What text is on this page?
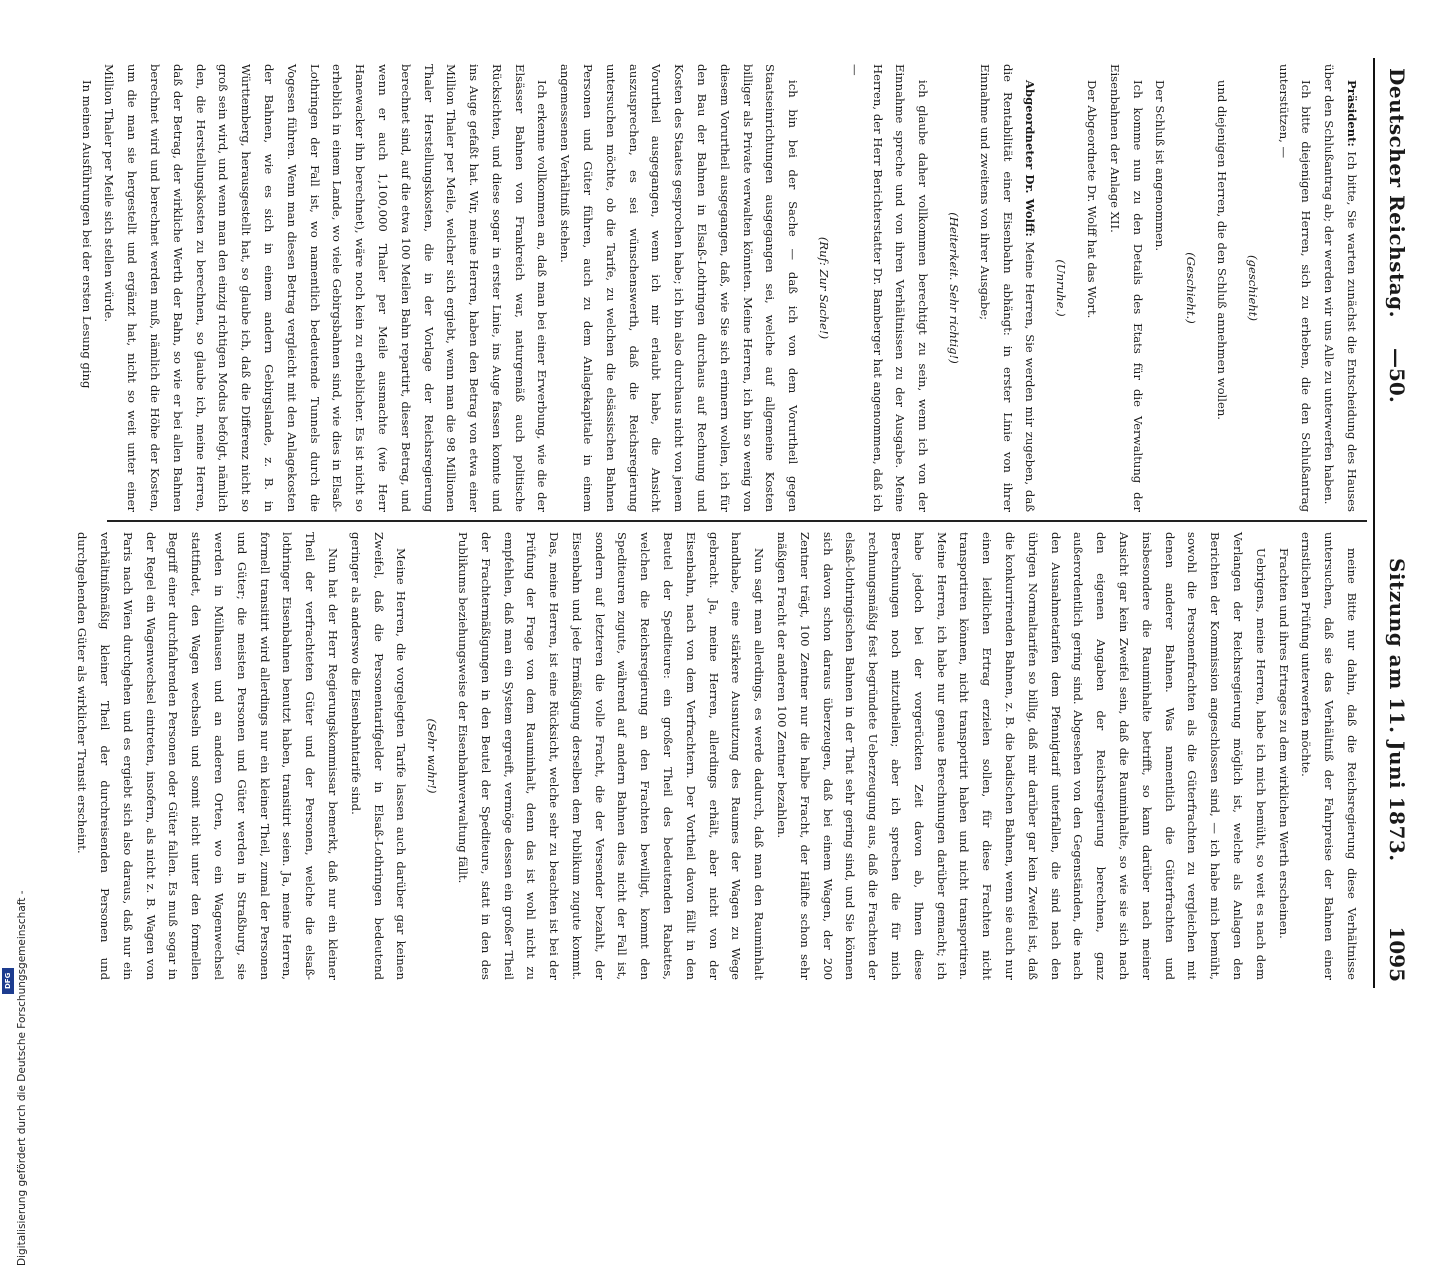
Digitalisierung gefördert durch die Deutsche Forschungsgemeinschaft -
DFG
Deutscher Reichstag.
—
50.
Sitzung am 11. Juni 1873.
1095

Präsident: Ich bitte, Sie warten zunächst die Entscheidung des Hauses über den Schlußantrag ab; der werden wir uns Alle zu unterwerfen haben.

Ich bitte diejenigen Herren, sich zu erheben, die den Schlußantrag unterstützen, —

(geschieht)

und diejenigen Herren, die den Schluß annehmen wollen.

(Geschieht.)

Der Schluß ist angenommen.

Ich komme nun zu den Details des Etats für die Verwaltung der Eisenbahnen der Anlage XII.

Der Abgeordnete Dr. Wolff hat das Wort.

(Unruhe.)

Abgeordneter Dr. Wolff: Meine Herren, Sie werden mir zugeben, daß die Rentabilität einer Eisenbahn abhängt: in erster Linie von ihrer Einnahme und zweitens von ihrer Ausgabe;

(Heiterkeit. Sehr richtig!)

ich glaube daher vollkommen berechtigt zu sein, wenn ich von der Einnahme spreche und von ihren Verhältnissen zu der Ausgabe. Meine Herren, der Herr Berichterstatter Dr. Bamberger hat angenommen, daß ich —

(Ruf: Zur Sache!)

ich bin bei der Sache — daß ich von dem Vorurtheil gegen Staatseinrichtungen ausgegangen sei, welche auf allgemeine Kosten billiger als Private verwalten könnten. Meine Herren, ich bin so wenig von diesem Vorurtheil ausgegangen, daß, wie Sie sich erinnern wollen, ich für den Bau der Bahnen in Elsaß-Lothringen durchaus auf Rechnung und Kosten des Staates gesprochen habe; ich bin also durchaus nicht von jenem Vorurtheil ausgegangen, wenn ich mir erlaubt habe, die Ansicht auszusprechen, es sei wünschenswerth, daß die Reichsregierung untersuchen möchte, ob die Tarife, zu welchen die elsässischen Bahnen Personen und Güter führen, auch zu dem Anlagekapitale in einem angemessenen Verhältniß stehen.

Ich erkenne vollkommen an, daß man bei einer Erwerbung, wie die der Elsässer Bahnen von Frankreich war, naturgemäß auch politische Rücksichten, und diese sogar in erster Linie, ins Auge fassen konnte und ins Auge gefaßt hat. Wir, meine Herren, haben den Betrag von etwa einer Million Thaler per Meile, welcher sich ergiebt, wenn man die 98 Millionen Thaler Herstellungskosten, die in der Vorlage der Reichsregierung berechnet sind, auf die etwa 100 Meilen Bahn repartirt, dieser Betrag, und wenn er auch 1,100,000 Thaler per Meile ausmachte (wie Herr Hanewacker ihn berechnet), wäre noch kein zu erheblicher. Es ist nicht so erheblich in einem Lande, wo viele Gebirgsbahnen sind, wie dies in Elsaß-Lothringen der Fall ist, wo namentlich bedeutende Tunnels durch die Vogesen führen. Wenn man diesen Betrag vergleicht mit den Anlagekosten der Bahnen, wie es sich in einem andern Gebirgslande, z. B. in Württemberg, herausgestellt hat, so glaube ich, daß die Differenz nicht so groß sein wird, und wenn man den einzig richtigen Modus befolgt, nämlich den, die Herstellungskosten zu berechnen, so glaube ich, meine Herren, daß der Betrag, der wirkliche Werth der Bahn, so wie er bei allen Bahnen berechnet wird und berechnet werden muß, nämlich die Höhe der Kosten, um die man sie hergestellt und ergänzt hat, nicht so weit unter einer Million Thaler per Meile sich stellen würde.

In meinen Ausführungen bei der ersten Lesung ging

meine Bitte nur dahin, daß die Reichsregierung diese Verhältnisse untersuchen, daß sie das Verhältniß der Fahrpreise der Bahnen einer ernstlichen Prüfung unterwerfen möchte.

Frachten und ihres Ertrages zu dem wirklichen Werth erscheinen.

Uebrigens, meine Herren, habe ich mich bemüht, so weit es nach dem Verlangen der Reichsregierung möglich ist, welche als Anlagen den Berichten der Kommission angeschlossen sind, — ich habe mich bemüht, sowohl die Personenfrachten als die Güterfrachten zu vergleichen mit denen anderer Bahnen. Was namentlich die Güterfrachten und insbesondere die Rauminhalte betrifft, so kann darüber nach meiner Ansicht gar kein Zweifel sein, daß die Rauminhalte, so wie sie sich nach den eigenen Angaben der Reichsregierung berechnen, ganz außerordentlich gering sind. Abgesehen von den Gegenständen, die nach den Ausnahmetarifen dem Pfennigtarif unterfallen, die sind nach den übrigen Normaltarifen so billig, daß mir darüber gar kein Zweifel ist, daß die konkurrirenden Bahnen, z. B. die badischen Bahnen, wenn sie auch nur einen leidlichen Ertrag erzielen sollen, für diese Frachten nicht transportiren können, nicht transportirt haben und nicht transportiren. Meine Herren, ich habe nur genaue Berechnungen darüber gemacht; ich habe jedoch bei der vorgerückten Zeit davon ab, Ihnen diese Berechnungen noch mitzutheilen; aber ich sprechen die für mich rechnungsmäßig fest begründete Ueberzeugung aus, daß die Frachten der elsaß-lothringischen Bahnen in der That sehr gering sind, und Sie können sich davon schon daraus überzeugen, daß bei einem Wagen, der 200 Zentner trägt, 100 Zentner nur die halbe Fracht, der Hälfte schon sehr mäßigen Fracht der anderen 100 Zentner bezahlen.

Nun sagt man allerdings, es werde dadurch, daß man den Rauminhalt handhabe, eine stärkere Ausnutzung des Raumes der Wagen zu Wege gebracht. Ja, meine Herren, allerdings erhält, aber nicht von der Eisenbahn, nach von dem Verfrachtern. Der Vortheil davon fällt in den Beutel der Spediteure: ein großer Theil des bedeutenden Rabattes, welchen die Reichsregierung an den Frachten bewilligt, kommt den Spediteuren zugute, während auf andern Bahnen dies nicht der Fall ist, sondern auf letzteren die volle Fracht, die der Versender bezahlt, der Eisenbahn und jede Ermäßigung derselben dem Publikum zugute kommt. Das, meine Herren, ist eine Rücksicht, welche sehr zu beachten ist bei der Prüfung der Frage von dem Rauminhalt, denn das ist wohl nicht zu empfehlen, daß man ein System ergreift, vermöge dessen ein großer Theil der Frachtermäßigungen in den Beutel der Spediteure, statt in den des Publikums beziehungsweise der Eisenbahnverwaltung fällt.

(Sehr wahr!)

Meine Herren, die vorgelegten Tarife lassen auch darüber gar keinen Zweifel, daß die Personentarifgelder in Elsaß-Lothringen bedeutend geringer als anderswo die Eisenbahntarife sind.

Nun hat der Herr Regierungskommissar bemerkt, daß nur ein kleiner Theil der verfrachteten Güter und der Personen, welche die elsaß-lothringer Eisenbahnen benutzt haben, transitirt seien. Ja, meine Herren, formell transitirt wird allerdings nur ein kleiner Theil, zumal der Personen und Güter; die meisten Personen und Güter werden in Straßburg, sie werden in Mülhausen und an anderen Orten, wo ein Wagenwechsel stattfindet, den Wagen wechseln und somit nicht unter den formellen Begriff einer durchfahrenden Personen oder Güter fallen. Es muß sogar in der Regel ein Wagenwechsel eintreten, insofern, als nicht z. B. Wagen von Paris nach Wien durchgehen und es ergiebt sich also daraus, daß nur ein verhältnißmäßig kleiner Theil der durchreisenden Personen und durchgehenden Güter als wirklicher Transit erscheint.
